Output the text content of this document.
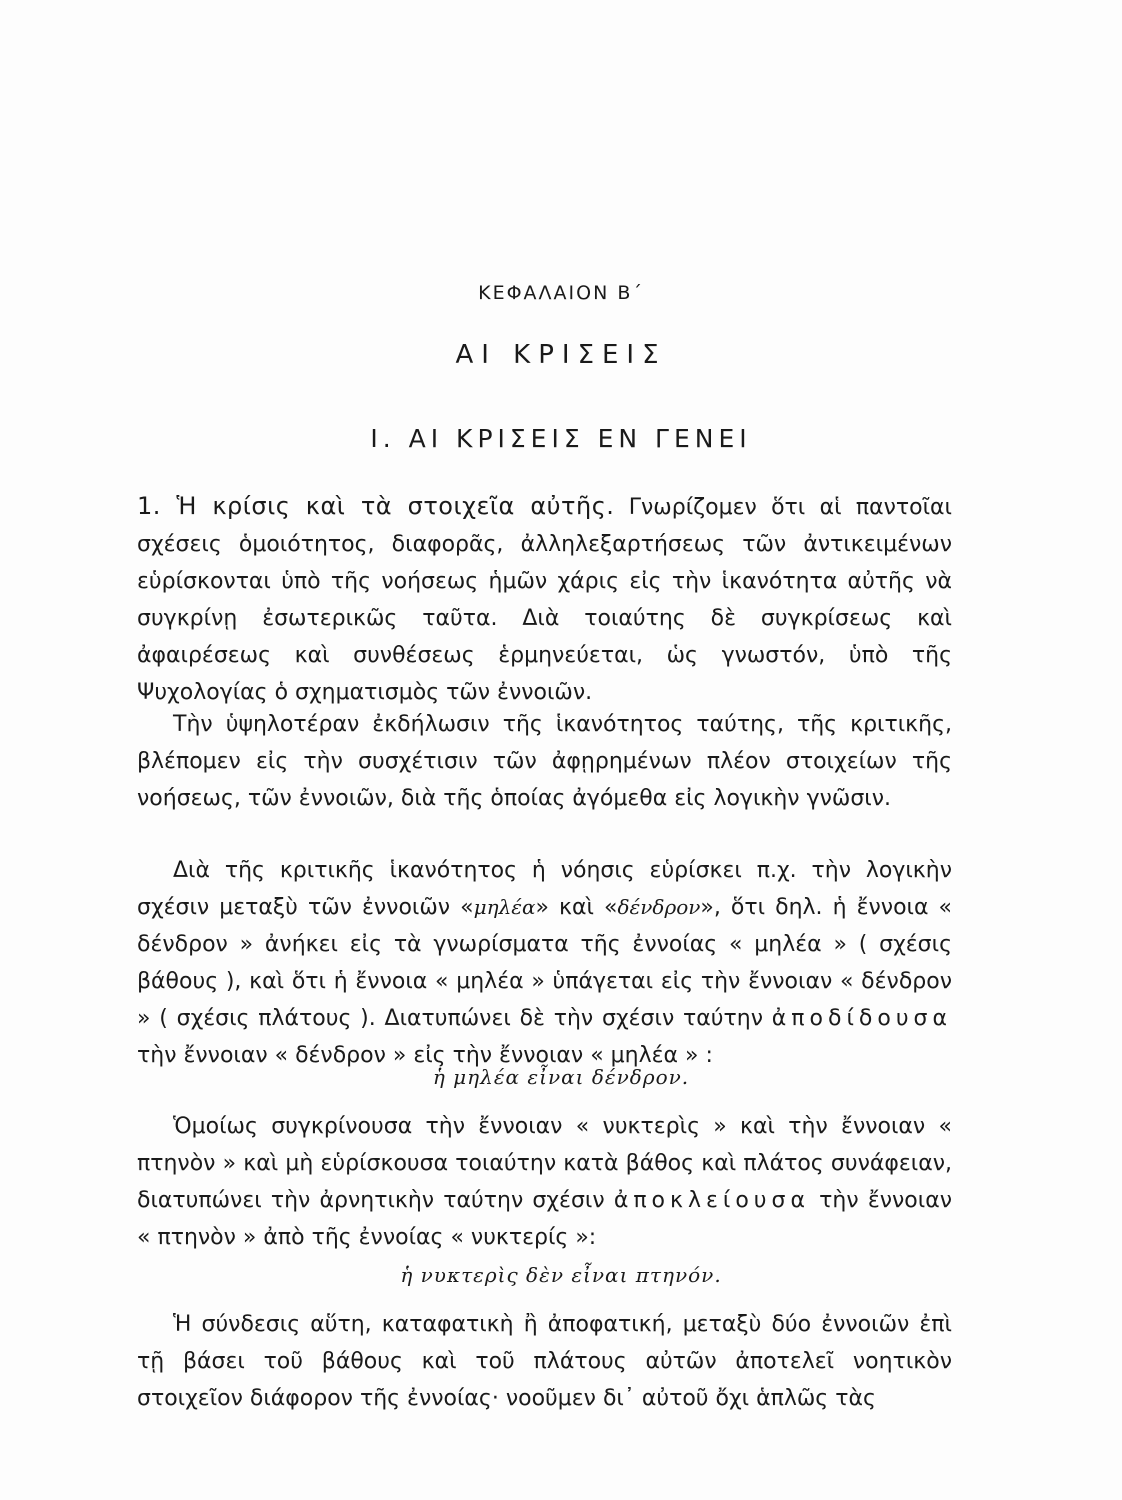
ΚΕΦΑΛΑΙΟΝ Β΄
ΑΙ ΚΡΙΣΕΙΣ
I. ΑΙ ΚΡΙΣΕΙΣ ΕΝ ΓΕΝΕΙ

1. Ἡ κρίσις καὶ τὰ στοιχεῖα αὐτῆς. Γνωρίζομεν ὅτι αἱ παντοῖαι σχέσεις ὁμοιότητος, διαφορᾶς, ἀλληλεξαρτήσεως τῶν ἀντικειμένων εὑρίσκονται ὑπὸ τῆς νοήσεως ἡμῶν χάρις εἰς τὴν ἱκανότητα αὐτῆς νὰ συγκρίνῃ ἐσωτερικῶς ταῦτα. Διὰ τοιαύτης δὲ συγκρίσεως καὶ ἀφαιρέσεως καὶ συνθέσεως ἑρμηνεύεται, ὡς γνωστόν, ὑπὸ τῆς Ψυχολογίας ὁ σχηματισμὸς τῶν ἐννοιῶν.

Τὴν ὑψηλοτέραν ἐκδήλωσιν τῆς ἱκανότητος ταύτης, τῆς κριτικῆς, βλέπομεν εἰς τὴν συσχέτισιν τῶν ἀφῃρημένων πλέον στοιχείων τῆς νοήσεως, τῶν ἐννοιῶν, διὰ τῆς ὁποίας ἀγόμεθα εἰς λογικὴν γνῶσιν.

Διὰ τῆς κριτικῆς ἱκανότητος ἡ νόησις εὑρίσκει π.χ. τὴν λογικὴν σχέσιν μεταξὺ τῶν ἐννοιῶν «μηλέα» καὶ «δένδρον», ὅτι δηλ. ἡ ἔννοια « δένδρον » ἀνήκει εἰς τὰ γνωρίσματα τῆς ἐννοίας « μηλέα » ( σχέσις βάθους ), καὶ ὅτι ἡ ἔννοια « μηλέα » ὑπάγεται εἰς τὴν ἔννοιαν « δένδρον » ( σχέσις πλάτους ). Διατυπώνει δὲ τὴν σχέσιν ταύτην ἀποδίδουσα τὴν ἔννοιαν « δένδρον » εἰς τὴν ἔννοιαν « μηλέα » :

ἡ μηλέα εἶναι δένδρον.

Ὁμοίως συγκρίνουσα τὴν ἔννοιαν « νυκτερὶς » καὶ τὴν ἔννοιαν « πτηνὸν » καὶ μὴ εὑρίσκουσα τοιαύτην κατὰ βάθος καὶ πλάτος συνάφειαν, διατυπώνει τὴν ἀρνητικὴν ταύτην σχέσιν ἀποκλείουσα τὴν ἔννοιαν « πτηνὸν » ἀπὸ τῆς ἐννοίας « νυκτερίς »:

ἡ νυκτερὶς δὲν εἶναι πτηνόν.

Ἡ σύνδεσις αὕτη, καταφατικὴ ἢ ἀποφατική, μεταξὺ δύο ἐννοιῶν ἐπὶ τῇ βάσει τοῦ βάθους καὶ τοῦ πλάτους αὐτῶν ἀποτελεῖ νοητικὸν στοιχεῖον διάφορον τῆς ἐννοίας· νοοῦμεν δι᾽ αὐτοῦ ὄχι ἁπλῶς τὰς
